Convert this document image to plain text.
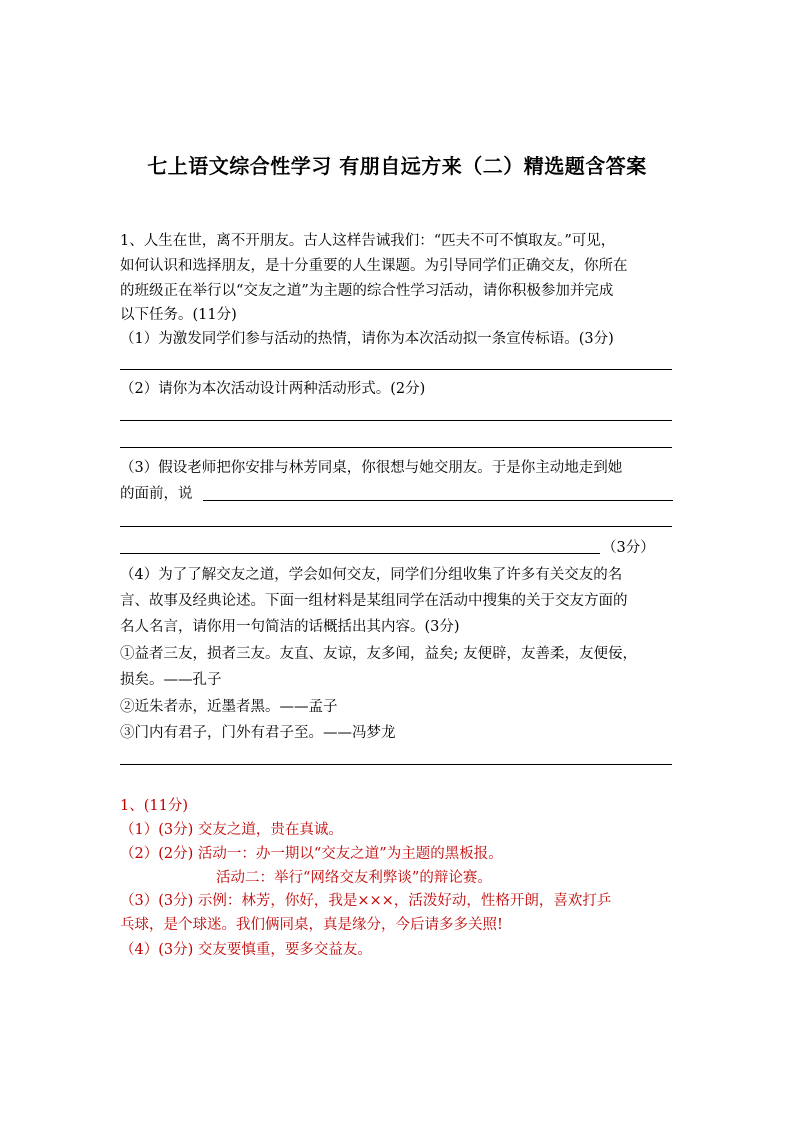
七上语文综合性学习 有朋自远方来（二）精选题含答案
1、人生在世，离不开朋友。古人这样告诫我们：“匹夫不可不慎取友。”可见，
如何认识和选择朋友，是十分重要的人生课题。为引导同学们正确交友，你所在
的班级正在举行以“交友之道”为主题的综合性学习活动，请你积极参加并完成
以下任务。(11分)
（1）为激发同学们参与活动的热情，请你为本次活动拟一条宣传标语。(3分)
（2）请你为本次活动设计两种活动形式。(2分)
（3）假设老师把你安排与林芳同桌，你很想与她交朋友。于是你主动地走到她
的面前，说
（3分）
（4）为了了解交友之道，学会如何交友，同学们分组收集了许多有关交友的名
言、故事及经典论述。下面一组材料是某组同学在活动中搜集的关于交友方面的
名人名言，请你用一句简洁的话概括出其内容。(3分)
①益者三友，损者三友。友直、友谅，友多闻，益矣; 友便辟，友善柔，友便佞，
损矣。——孔子
②近朱者赤，近墨者黑。——孟子
③门内有君子，门外有君子至。——冯梦龙
1、(11分)
（1）(3分) 交友之道，贵在真诚。
（2）(2分) 活动一：办一期以“交友之道”为主题的黑板报。
活动二：举行“网络交友利弊谈”的辩论赛。
（3）(3分) 示例：林芳，你好，我是×××，活泼好动，性格开朗，喜欢打乒
乓球，是个球迷。我们俩同桌，真是缘分，今后请多多关照!
（4）(3分) 交友要慎重，要多交益友。
